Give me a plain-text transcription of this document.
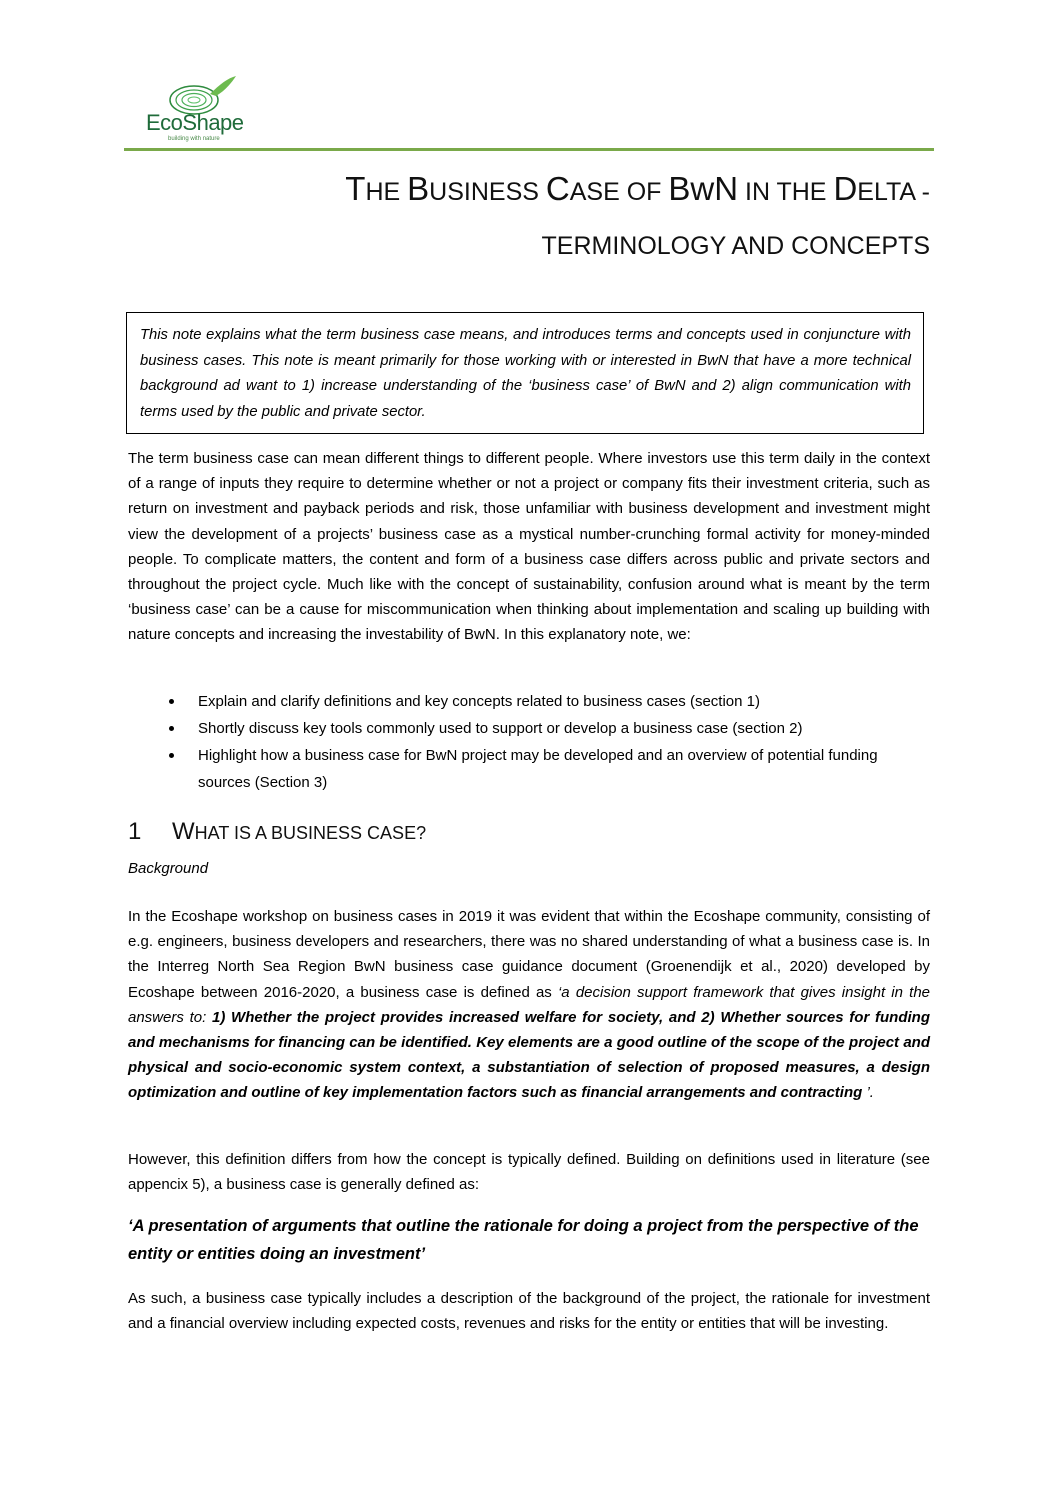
EcoShape
building with nature
THE BUSINESS CASE OF BwN IN THE DELTA -
TERMINOLOGY AND CONCEPTS
This note explains what the term business case means, and introduces terms and concepts used in conjuncture with business cases. This note is meant primarily for those working with or interested in BwN that have a more technical background ad want to 1) increase understanding of the ‘business case’ of BwN and 2) align communication with terms used by the public and private sector.
The term business case can mean different things to different people. Where investors use this term daily in the context of a range of inputs they require to determine whether or not a project or company fits their investment criteria, such as return on investment and payback periods and risk, those unfamiliar with business development and investment might view the development of a projects’ business case as a mystical number-crunching formal activity for money-minded people. To complicate matters, the content and form of a business case differs across public and private sectors and throughout the project cycle. Much like with the concept of sustainability, confusion around what is meant by the term ‘business case’ can be a cause for miscommunication when thinking about implementation and scaling up building with nature concepts and increasing the investability of BwN. In this explanatory note, we:
Explain and clarify definitions and key concepts related to business cases (section 1)
Shortly discuss key tools commonly used to support or develop a business case (section 2)
Highlight how a business case for BwN project may be developed and an overview of potential funding sources (Section 3)
1 WHAT IS A BUSINESS CASE?
Background
In the Ecoshape workshop on business cases in 2019 it was evident that within the Ecoshape community, consisting of e.g. engineers, business developers and researchers, there was no shared understanding of what a business case is. In the Interreg North Sea Region BwN business case guidance document (Groenendijk et al., 2020) developed by Ecoshape between 2016-2020, a business case is defined as ‘a decision support framework that gives insight in the answers to: 1) Whether the project provides increased welfare for society, and 2) Whether sources for funding and mechanisms for financing can be identified. Key elements are a good outline of the scope of the project and physical and socio-economic system context, a substantiation of selection of proposed measures, a design optimization and outline of key implementation factors such as financial arrangements and contracting ’.
However, this definition differs from how the concept is typically defined. Building on definitions used in literature (see appencix 5), a business case is generally defined as:
‘A presentation of arguments that outline the rationale for doing a project from the perspective of the entity or entities doing an investment’
As such, a business case typically includes a description of the background of the project, the rationale for investment and a financial overview including expected costs, revenues and risks for the entity or entities that will be investing.
